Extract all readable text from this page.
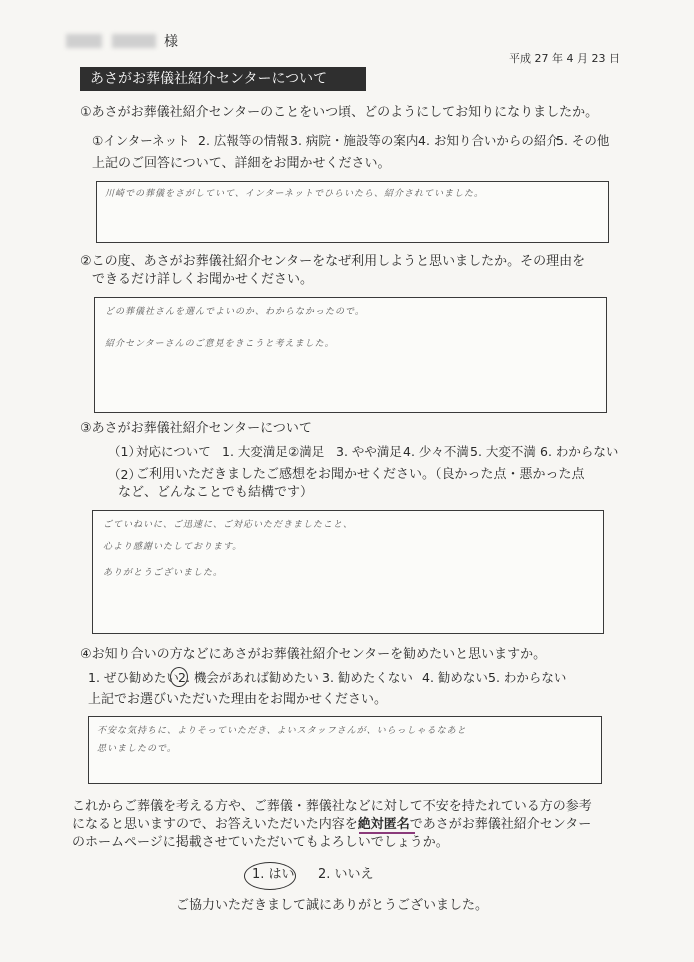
様
平成 27 年 4 月 23 日
あさがお葬儀社紹介センターについて
①あさがお葬儀社紹介センターのことをいつ頃、どのようにしてお知りになりましたか。
①インターネット 2. 広報等の情報 3. 病院・施設等の案内 4. お知り合いからの紹介
5. その他
上記のご回答について、詳細をお聞かせください。
川崎での葬儀をさがしていて、インターネットでひらいたら、紹介されていました。
②この度、あさがお葬儀社紹介センターをなぜ利用しようと思いましたか。その理由を
できるだけ詳しくお聞かせください。
どの葬儀社さんを選んでよいのか、わからなかったので。
紹介センターさんのご意見をきこうと考えました。
③あさがお葬儀社紹介センターについて
（1）
対応について 1. 大変満足 ②満足 3. やや満足 4. 少々不満 5. 大変不満 6. わからない
（2）
ご利用いただきましたご感想をお聞かせください。（良かった点・悪かった点
など、どんなことでも結構です）
ごていねいに、ご迅速に、ご対応いただきましたこと、
心より感謝いたしております。
ありがとうございました。
④お知り合いの方などにあさがお葬儀社紹介センターを勧めたいと思いますか。
1. ぜひ勧めたい 2. 機会があれば勧めたい 3. 勧めたくない 4. 勧めない 5. わからない
上記でお選びいただいた理由をお聞かせください。
不安な気持ちに、よりそっていただき、よいスタッフさんが、いらっしゃるなあと
思いましたので。
これからご葬儀を考える方や、ご葬儀・葬儀社などに対して不安を持たれている方の参考
になると思いますので、お答えいただいた内容を絶対匿名であさがお葬儀社紹介センター
のホームページに掲載させていただいてもよろしいでしょうか。
1. はい 2. いいえ
ご協力いただきまして誠にありがとうございました。
